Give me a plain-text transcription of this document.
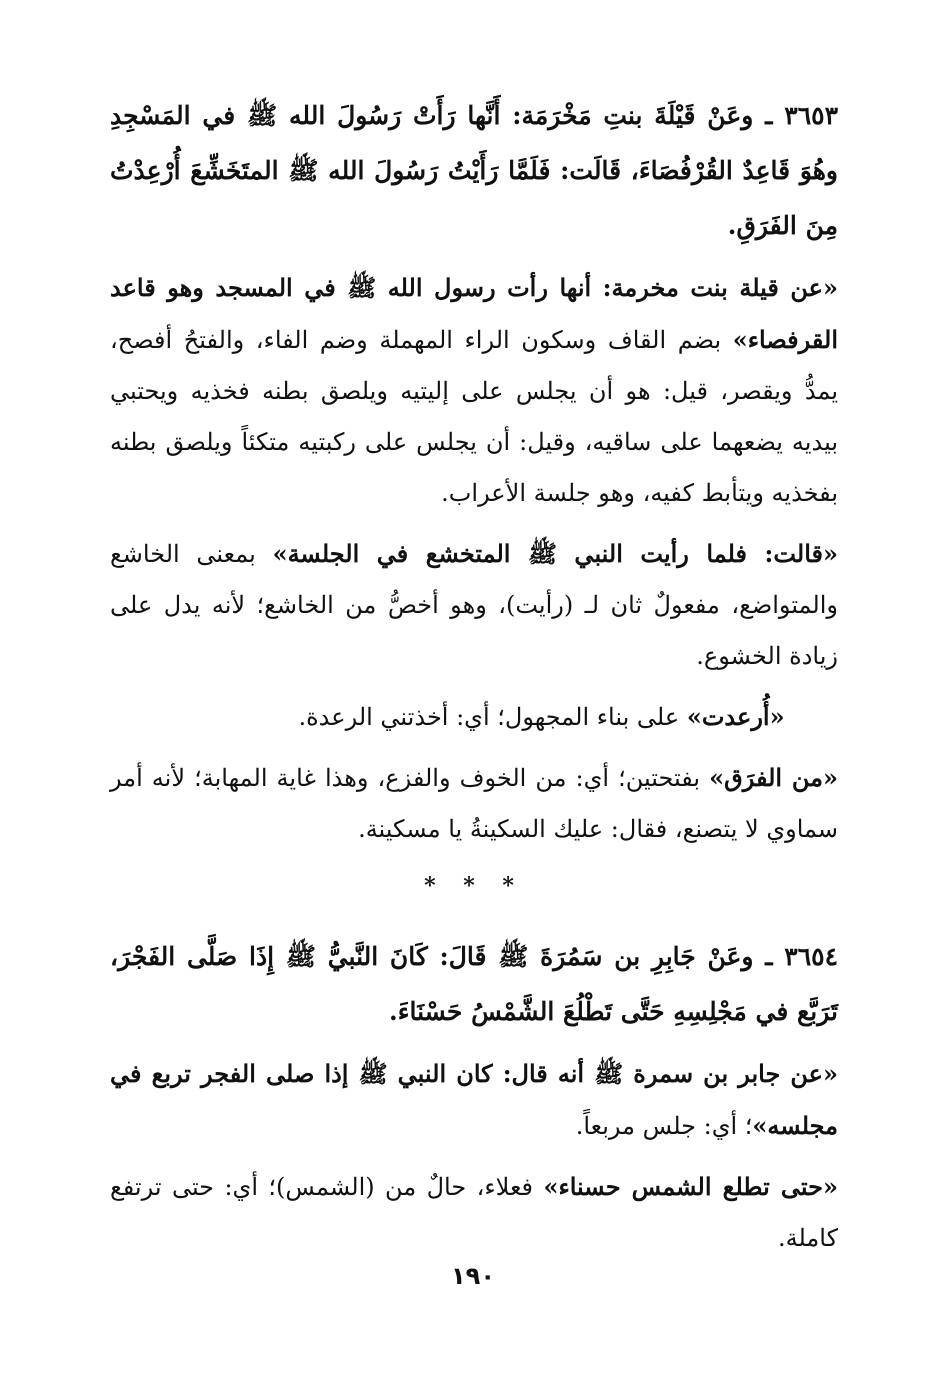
٣٦٥٣ ـ وعَنْ قَيْلَةَ بنتِ مَخْرَمَة: أَنَّها رَأَتْ رَسُولَ الله ﷺ في المَسْجِدِ وهُوَ قَاعِدٌ القُرْفُصَاءَ، قَالَت: فَلَمَّا رَأَيْتُ رَسُولَ الله ﷺ المتَخَشِّعَ أُرْعِدْتُ مِنَ الفَرَقِ.

«عن قيلة بنت مخرمة: أنها رأت رسول الله ﷺ في المسجد وهو قاعد القرفصاء» بضم القاف وسكون الراء المهملة وضم الفاء، والفتحُ أفصح، يمدُّ ويقصر، قيل: هو أن يجلس على إليتيه ويلصق بطنه فخذيه ويحتبي بيديه يضعهما على ساقيه، وقيل: أن يجلس على ركبتيه متكئاً ويلصق بطنه بفخذيه ويتأبط كفيه، وهو جلسة الأعراب.

«قالت: فلما رأيت النبي ﷺ المتخشع في الجلسة» بمعنى الخاشع والمتواضع، مفعولٌ ثان لـ (رأيت)، وهو أخصُّ من الخاشع؛ لأنه يدل على زيادة الخشوع.

«أُرعدت» على بناء المجهول؛ أي: أخذتني الرعدة.

«من الفرَق» بفتحتين؛ أي: من الخوف والفزع، وهذا غاية المهابة؛ لأنه أمر سماوي لا يتصنع، فقال: عليك السكينةُ يا مسكينة.

* * *

٣٦٥٤ ـ وعَنْ جَابِرِ بن سَمُرَةَ ﷺ قَالَ: كَانَ النَّبيُّ ﷺ إِذَا صَلَّى الفَجْرَ، تَرَبَّع في مَجْلِسِهِ حَتَّى تَطْلُعَ الشَّمْسُ حَسْنَاءَ.

«عن جابر بن سمرة ﷺ أنه قال: كان النبي ﷺ إذا صلى الفجر تربع في مجلسه»؛ أي: جلس مربعاً.

«حتى تطلع الشمس حسناء» فعلاء، حالٌ من (الشمس)؛ أي: حتى ترتفع كاملة.

١٩٠
